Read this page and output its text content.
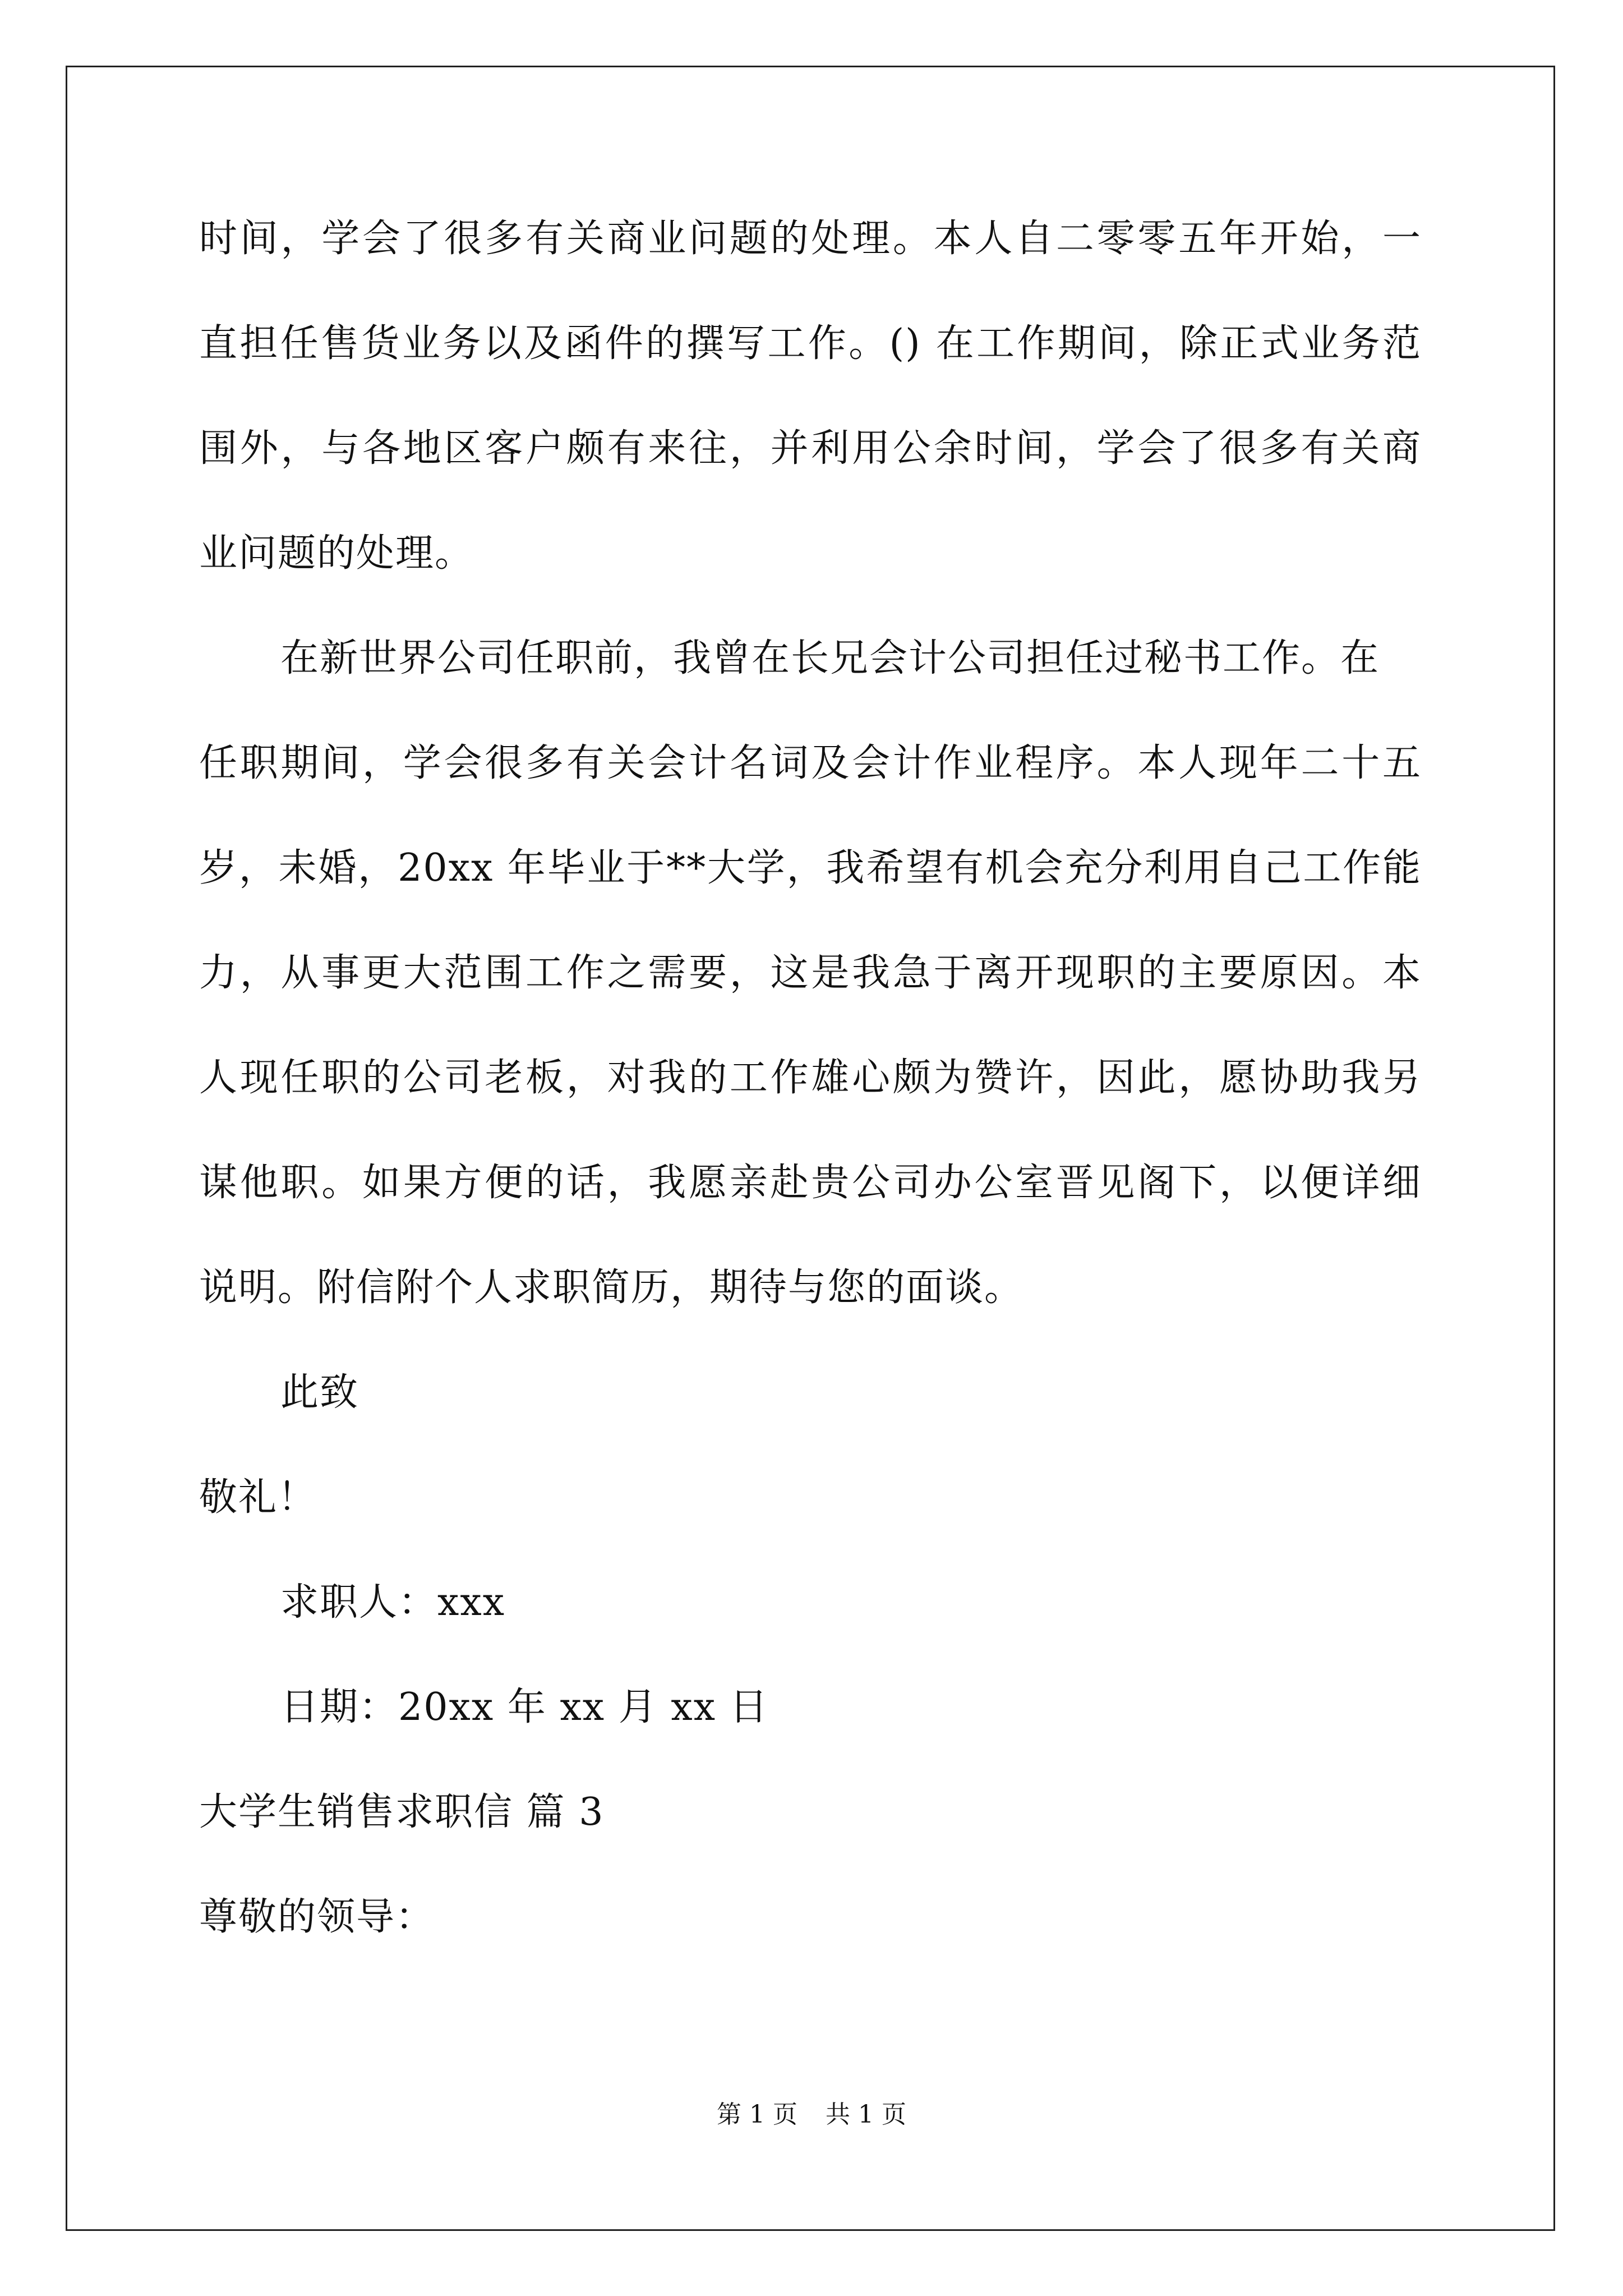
时间，学会了很多有关商业问题的处理。本人自二零零五年开始，一
直担任售货业务以及函件的撰写工作。() 在工作期间，除正式业务范
围外，与各地区客户颇有来往，并利用公余时间，学会了很多有关商
业问题的处理。
在新世界公司任职前，我曾在长兄会计公司担任过秘书工作。在
任职期间，学会很多有关会计名词及会计作业程序。本人现年二十五
岁，未婚，20xx 年毕业于**大学，我希望有机会充分利用自己工作能
力，从事更大范围工作之需要，这是我急于离开现职的主要原因。本
人现任职的公司老板，对我的工作雄心颇为赞许，因此，愿协助我另
谋他职。如果方便的话，我愿亲赴贵公司办公室晋见阁下，以便详细
说明。附信附个人求职简历，期待与您的面谈。
此致
敬礼！
求职人：xxx
日期：20xx 年 xx 月 xx 日
大学生销售求职信 篇 3
尊敬的领导：
第 1 页 共 1 页
